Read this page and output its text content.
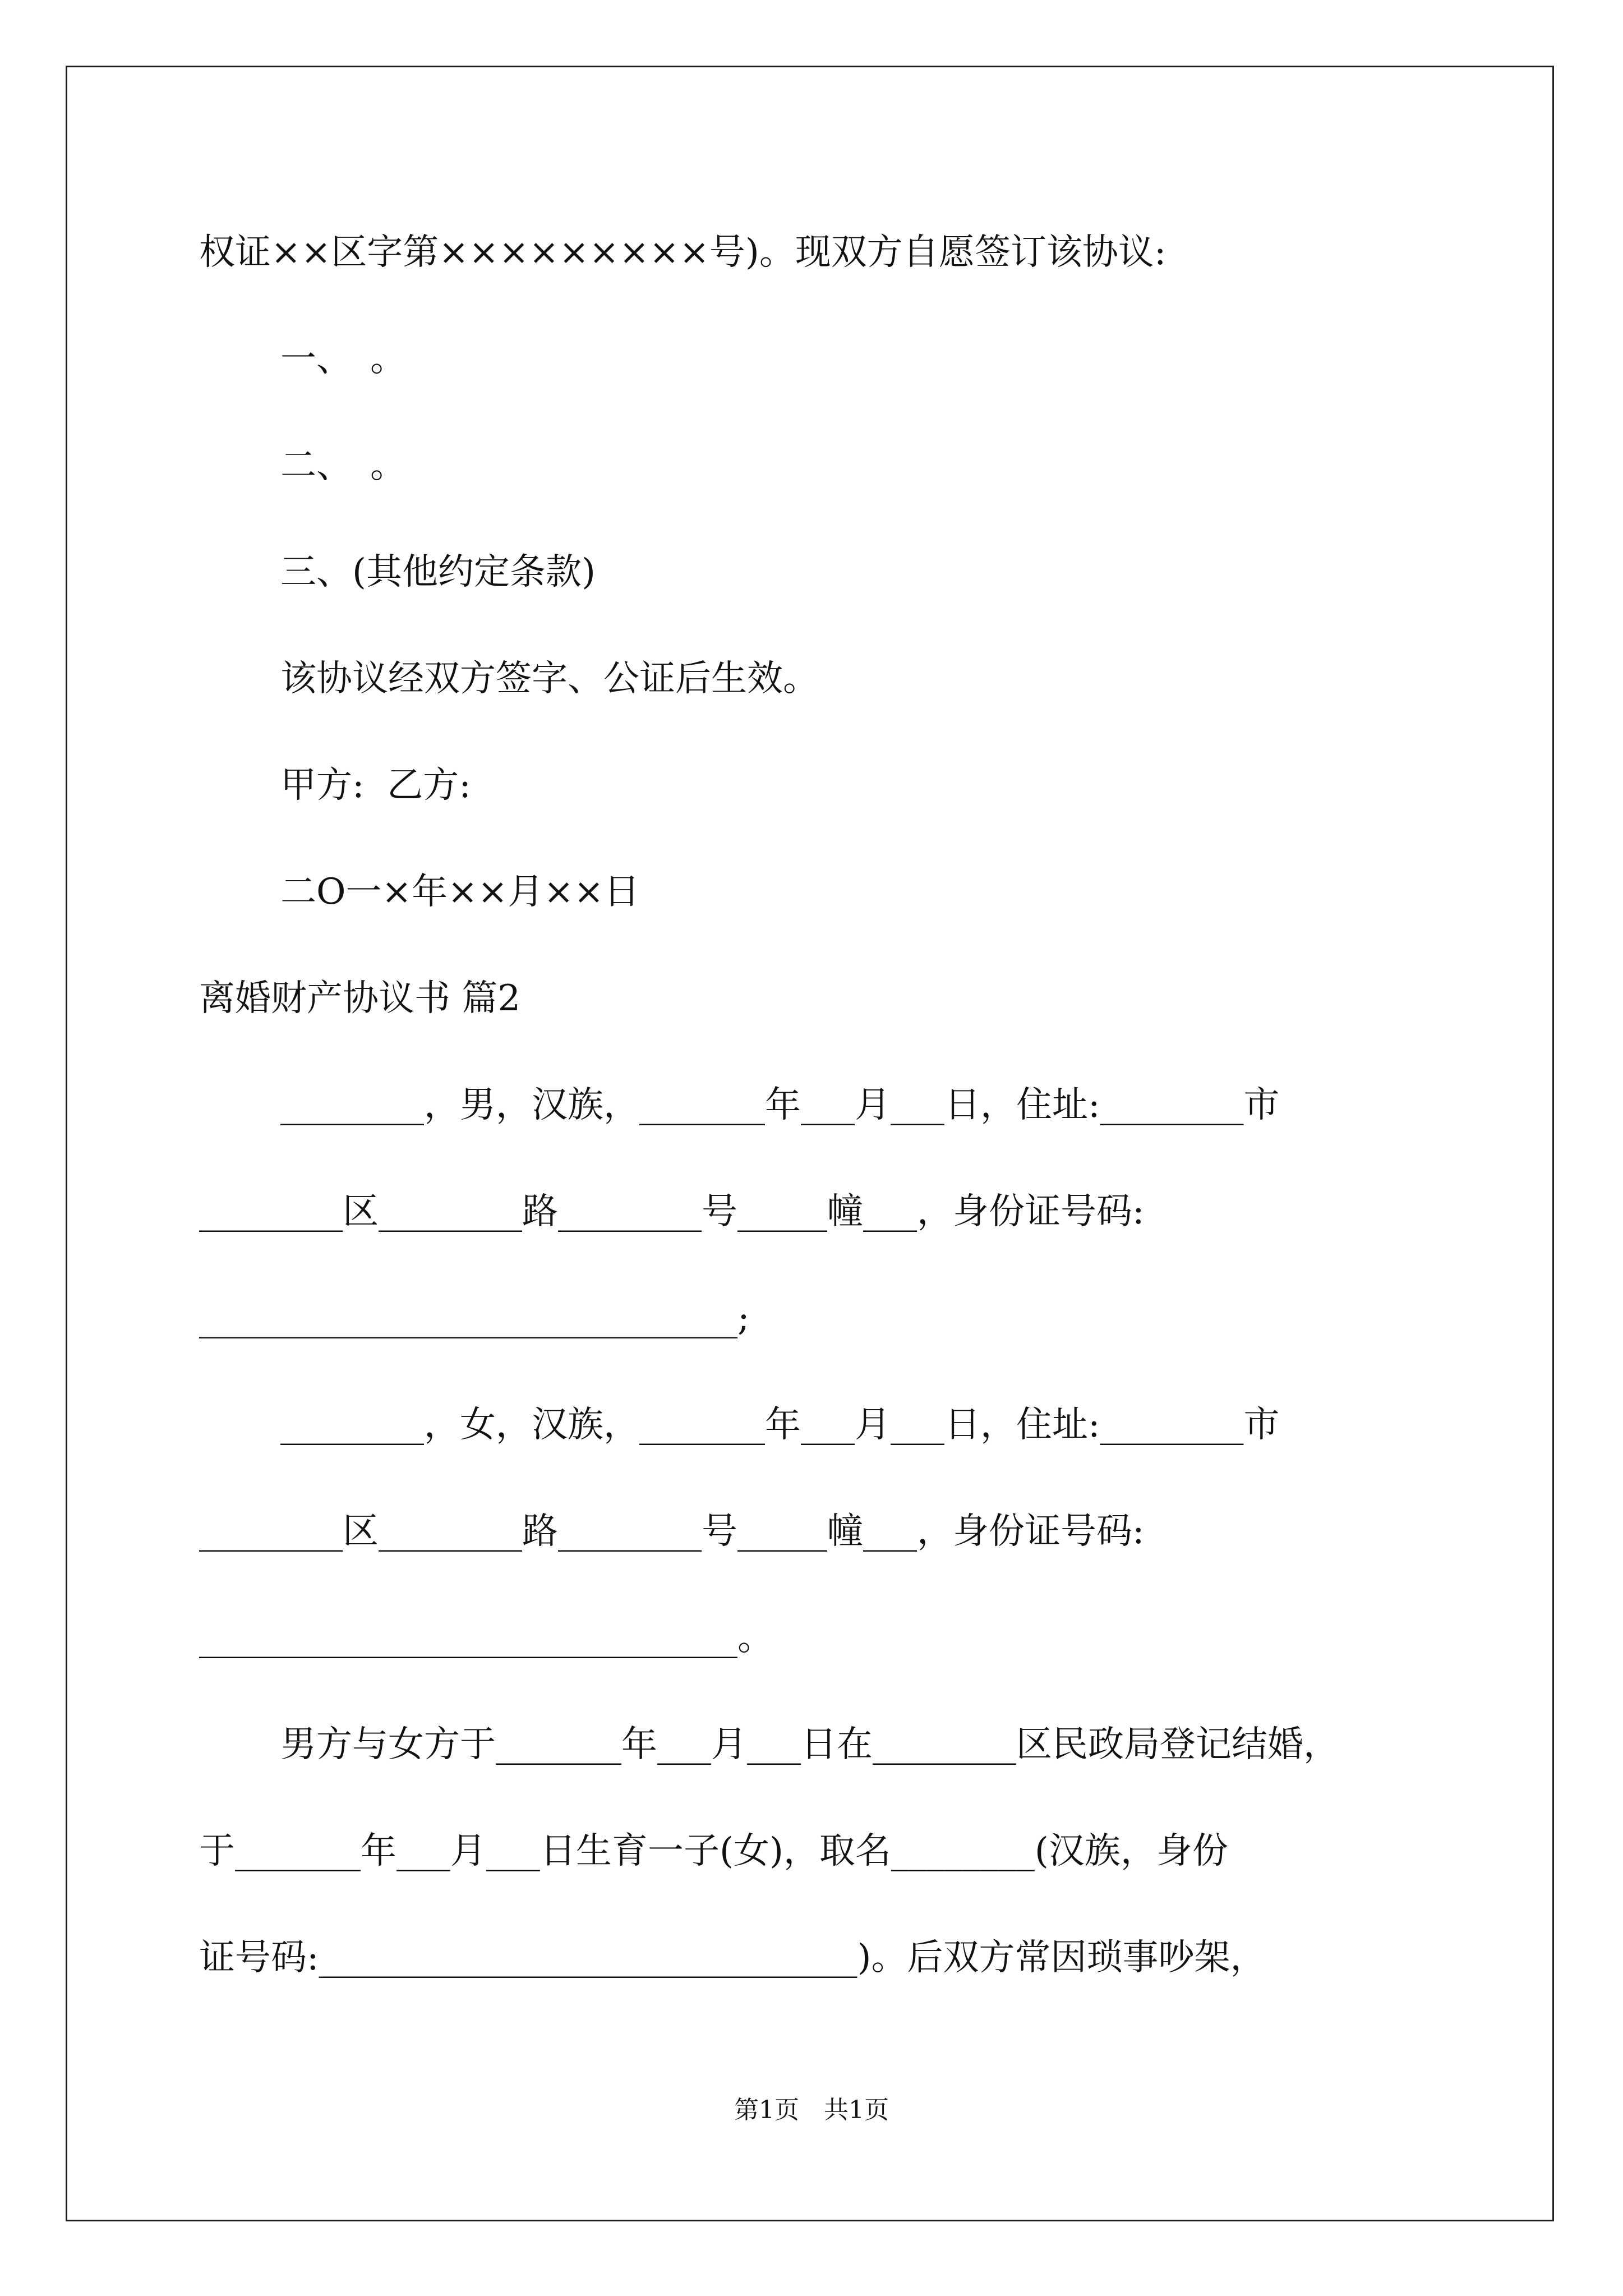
权证××区字第×××××××××号)。现双方自愿签订该协议:
一、　。
二、　。
三、(其他约定条款)
该协议经双方签字、公证后生效。
甲方:  乙方:
二O一×年××月××日
离婚财产协议书 篇2
________，男，汉族，_______年___月___日，住址:________市
________区________路________号_____幢___，身份证号码:
______________________________;
________，女，汉族，_______年___月___日，住址:________市
________区________路________号_____幢___，身份证号码:
______________________________。
男方与女方于_______年___月___日在________区民政局登记结婚，
于_______年___月___日生育一子(女)，取名________(汉族，身份
证号码:______________________________)。后双方常因琐事吵架，
第1页　共1页
